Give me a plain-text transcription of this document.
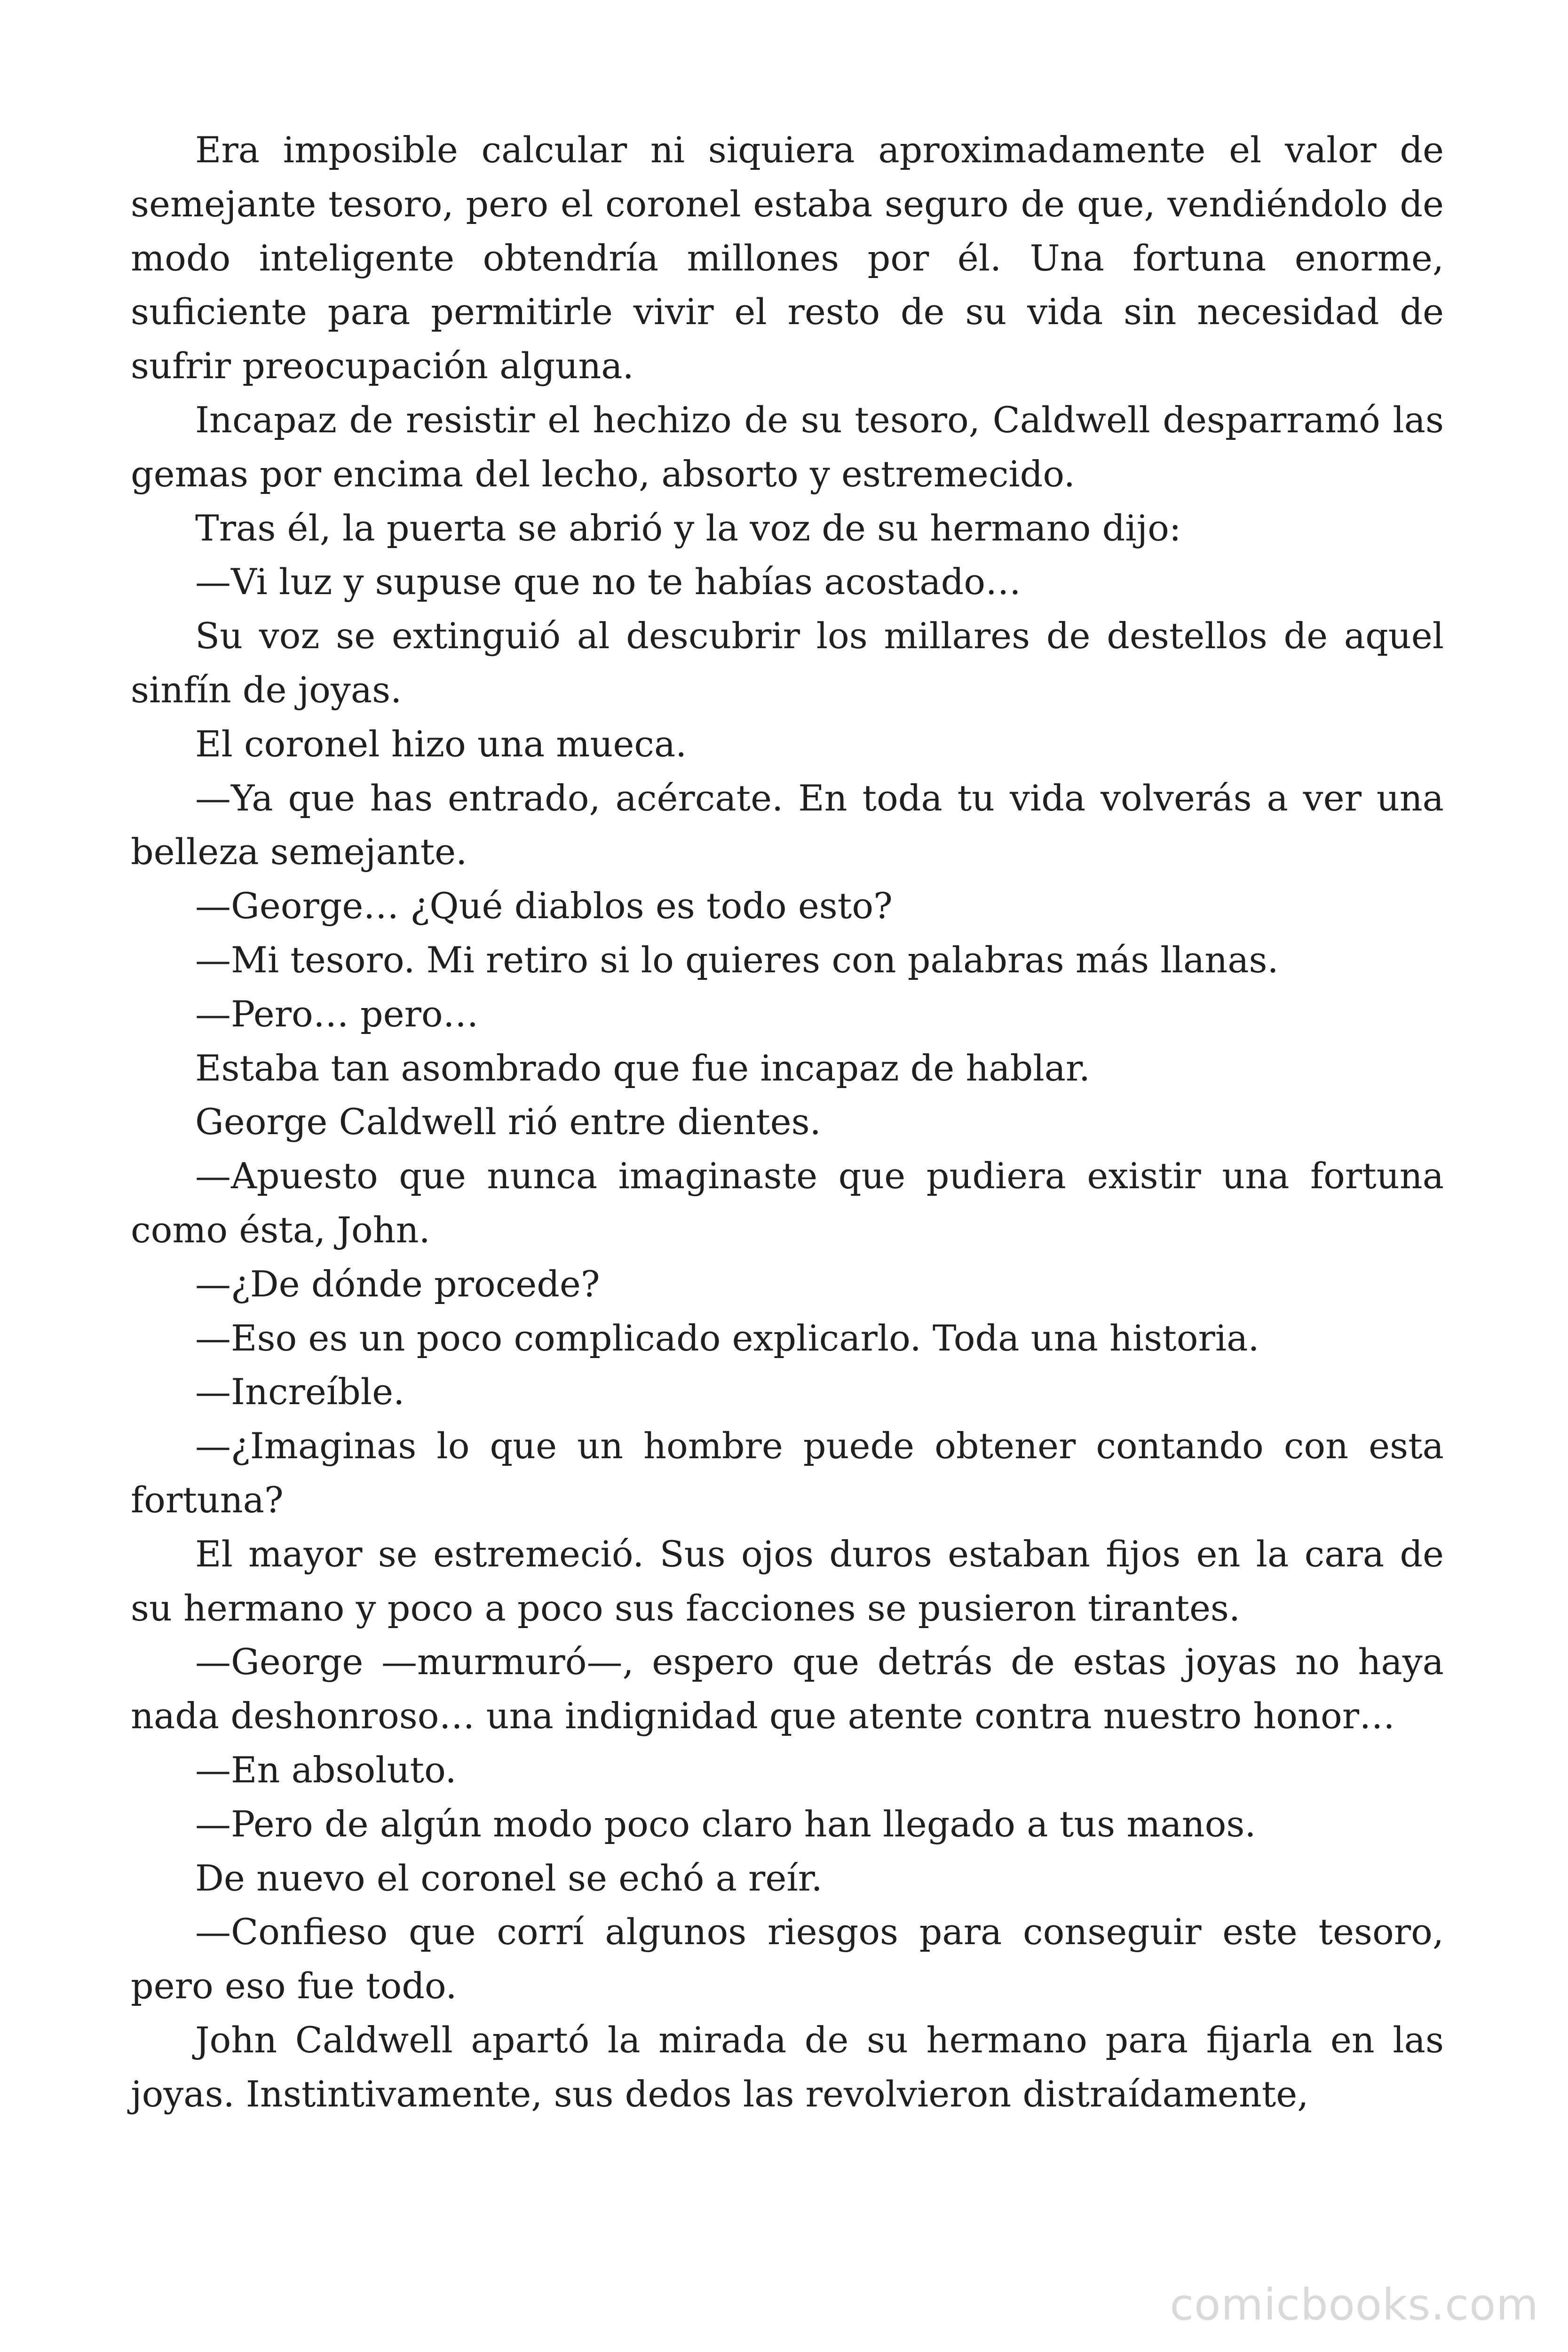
Era imposible calcular ni siquiera aproximadamente el valor de semejante tesoro, pero el coronel estaba seguro de que, vendiéndolo de modo inteligente obtendría millones por él. Una fortuna enorme, suficiente para permitirle vivir el resto de su vida sin necesidad de sufrir preocupación alguna.

Incapaz de resistir el hechizo de su tesoro, Caldwell desparramó las gemas por encima del lecho, absorto y estremecido.

Tras él, la puerta se abrió y la voz de su hermano dijo:

—Vi luz y supuse que no te habías acostado…

Su voz se extinguió al descubrir los millares de destellos de aquel sinfín de joyas.

El coronel hizo una mueca.

—Ya que has entrado, acércate. En toda tu vida volverás a ver una belleza semejante.

—George… ¿Qué diablos es todo esto?

—Mi tesoro. Mi retiro si lo quieres con palabras más llanas.

—Pero… pero…

Estaba tan asombrado que fue incapaz de hablar.

George Caldwell rió entre dientes.

—Apuesto que nunca imaginaste que pudiera existir una fortuna como ésta, John.

—¿De dónde procede?

—Eso es un poco complicado explicarlo. Toda una historia.

—Increíble.

—¿Imaginas lo que un hombre puede obtener contando con esta fortuna?

El mayor se estremeció. Sus ojos duros estaban fijos en la cara de su hermano y poco a poco sus facciones se pusieron tirantes.

—George —murmuró—, espero que detrás de estas joyas no haya nada deshonroso… una indignidad que atente contra nuestro honor…

—En absoluto.

—Pero de algún modo poco claro han llegado a tus manos.

De nuevo el coronel se echó a reír.

—Confieso que corrí algunos riesgos para conseguir este tesoro, pero eso fue todo.

John Caldwell apartó la mirada de su hermano para fijarla en las joyas. Instintivamente, sus dedos las revolvieron distraídamente,

comicbooks.com
